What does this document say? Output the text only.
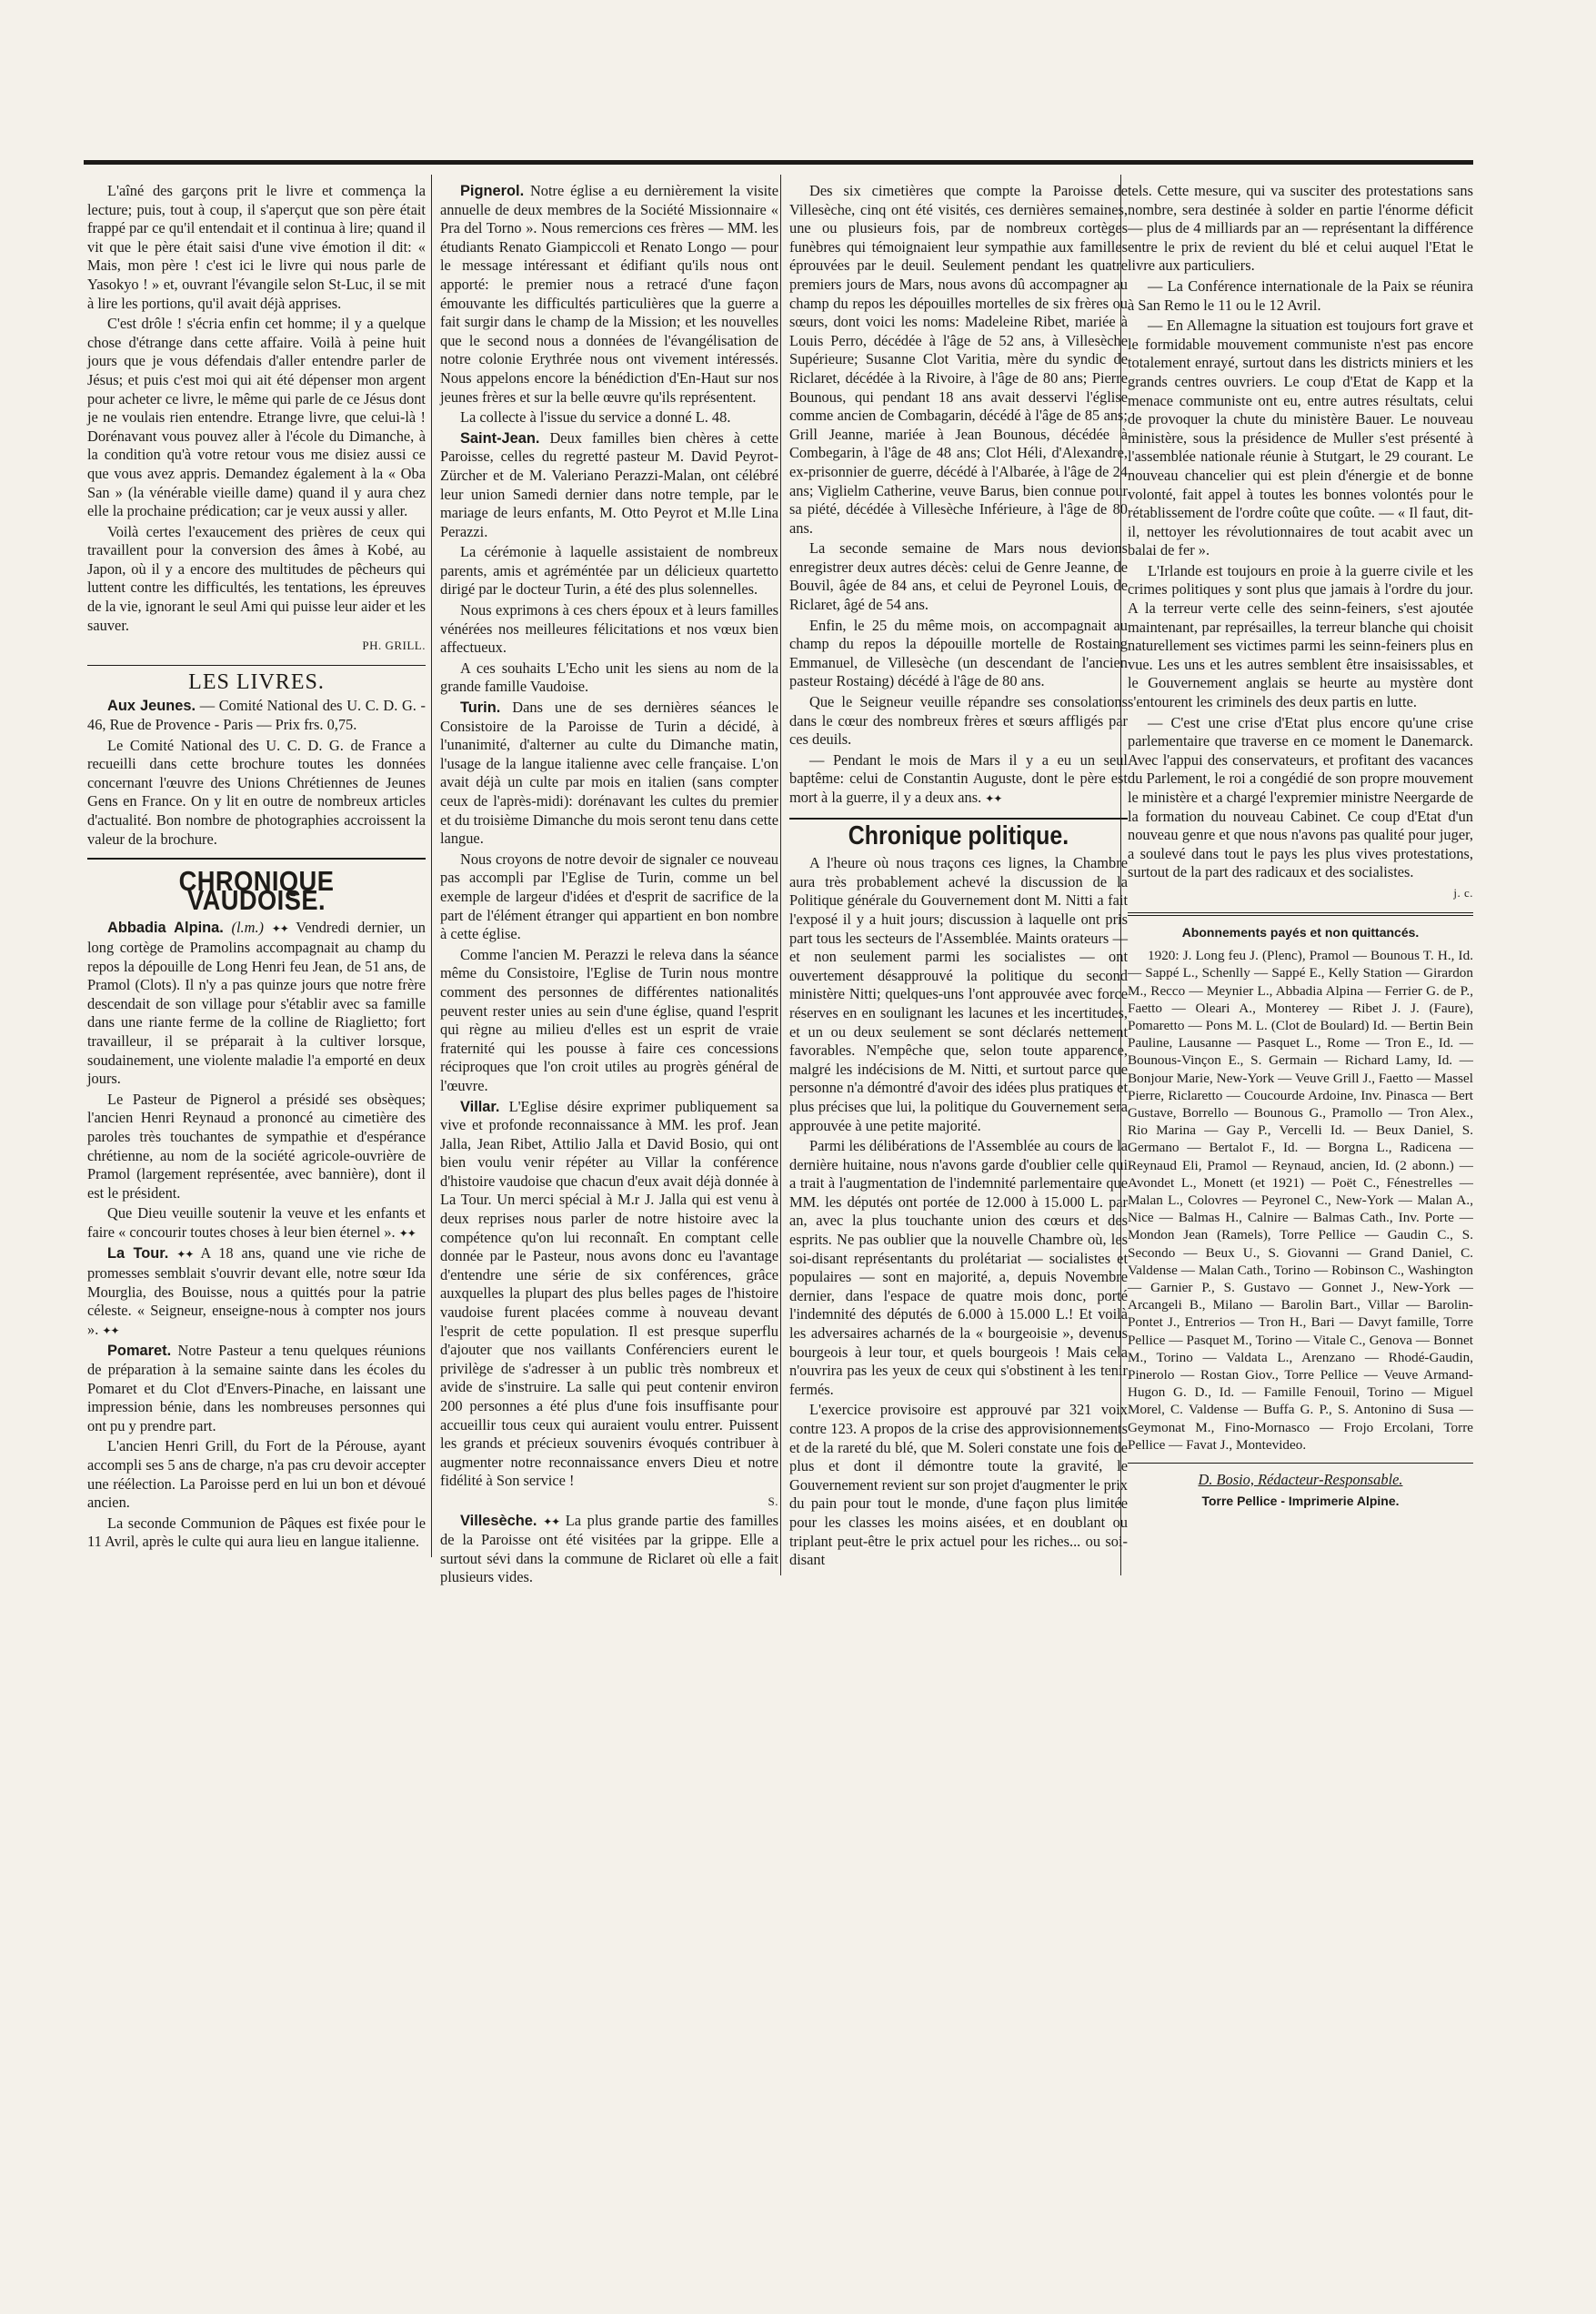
L'aîné des garçons prit le livre et commença la lecture; puis, tout à coup, il s'aperçut que son père était frappé par ce qu'il entendait et il continua à lire; quand il vit que le père était saisi d'une vive émotion il dit: « Mais, mon père ! c'est ici le livre qui nous parle de Yasokyo ! » et, ouvrant l'évangile selon St-Luc, il se mit à lire les portions, qu'il avait déjà apprises.

C'est drôle ! s'écria enfin cet homme; il y a quelque chose d'étrange dans cette affaire. Voilà à peine huit jours que je vous défendais d'aller entendre parler de Jésus; et puis c'est moi qui ait été dépenser mon argent pour acheter ce livre, le même qui parle de ce Jésus dont je ne voulais rien entendre. Etrange livre, que celui-là ! Dorénavant vous pouvez aller à l'école du Dimanche, à la condition qu'à votre retour vous me disiez aussi ce que vous avez appris. Demandez également à la « Oba San » (la vénérable vieille dame) quand il y aura chez elle la prochaine prédication; car je veux aussi y aller.

Voilà certes l'exaucement des prières de ceux qui travaillent pour la conversion des âmes à Kobé, au Japon, où il y a encore des multitudes de pêcheurs qui luttent contre les difficultés, les tentations, les épreuves de la vie, ignorant le seul Ami qui puisse leur aider et les sauver.

PH. GRILL.
LES LIVRES.

Aux Jeunes. — Comité National des U. C. D. G. - 46, Rue de Provence - Paris — Prix frs. 0,75.

Le Comité National des U. C. D. G. de France a recueilli dans cette brochure toutes les données concernant l'œuvre des Unions Chrétiennes de Jeunes Gens en France. On y lit en outre de nombreux articles d'actualité. Bon nombre de photographies accroissent la valeur de la brochure.

CHRONIQUE VAUDOISE.

Abbadia Alpina. (l.m.) ✦✦ Vendredi dernier, un long cortège de Pramolins accompagnait au champ du repos la dépouille de Long Henri feu Jean, de 51 ans, de Pramol (Clots). Il n'y a pas quinze jours que notre frère descendait de son village pour s'établir avec sa famille dans une riante ferme de la colline de Riaglietto; fort travailleur, il se préparait à la cultiver lorsque, soudainement, une violente maladie l'a emporté en deux jours.

Le Pasteur de Pignerol a présidé ses obsèques; l'ancien Henri Reynaud a prononcé au cimetière des paroles très touchantes de sympathie et d'espérance chrétienne, au nom de la société agricole-ouvrière de Pramol (largement représentée, avec bannière), dont il est le président.

Que Dieu veuille soutenir la veuve et les enfants et faire « concourir toutes choses à leur bien éternel ». ✦✦

La Tour. ✦✦ A 18 ans, quand une vie riche de promesses semblait s'ouvrir devant elle, notre sœur Ida Mourglia, des Bouisse, nous a quittés pour la patrie céleste. « Seigneur, enseigne-nous à compter nos jours ». ✦✦

Pomaret. Notre Pasteur a tenu quelques réunions de préparation à la semaine sainte dans les écoles du Pomaret et du Clot d'Envers-Pinache, en laissant une impression bénie, dans les nombreuses personnes qui ont pu y prendre part.

L'ancien Henri Grill, du Fort de la Pérouse, ayant accompli ses 5 ans de charge, n'a pas cru devoir accepter une réélection. La Paroisse perd en lui un bon et dévoué ancien.

La seconde Communion de Pâques est fixée pour le 11 Avril, après le culte qui aura lieu en langue italienne.

Pignerol. Notre église a eu dernièrement la visite annuelle de deux membres de la Société Missionnaire « Pra del Torno ». Nous remercions ces frères — MM. les étudiants Renato Giampiccoli et Renato Longo — pour le message intéressant et édifiant qu'ils nous ont apporté: le premier nous a retracé d'une façon émouvante les difficultés particulières que la guerre a fait surgir dans le champ de la Mission; et les nouvelles que le second nous a données de l'évangélisation de notre colonie Erythrée nous ont vivement intéressés. Nous appelons encore la bénédiction d'En-Haut sur nos jeunes frères et sur la belle œuvre qu'ils représentent.

La collecte à l'issue du service a donné L. 48.

Saint-Jean. Deux familles bien chères à cette Paroisse, celles du regretté pasteur M. David Peyrot-Zürcher et de M. Valeriano Perazzi-Malan, ont célébré leur union Samedi dernier dans notre temple, par le mariage de leurs enfants, M. Otto Peyrot et M.lle Lina Perazzi.

La cérémonie à laquelle assistaient de nombreux parents, amis et agréméntée par un délicieux quartetto dirigé par le docteur Turin, a été des plus solennelles.

Nous exprimons à ces chers époux et à leurs familles vénérées nos meilleures félicitations et nos vœux bien affectueux.

A ces souhaits L'Echo unit les siens au nom de la grande famille Vaudoise.

Turin. Dans une de ses dernières séances le Consistoire de la Paroisse de Turin a décidé, à l'unanimité, d'alterner au culte du Dimanche matin, l'usage de la langue italienne avec celle française. L'on avait déjà un culte par mois en italien (sans compter ceux de l'après-midi): dorénavant les cultes du premier et du troisième Dimanche du mois seront tenu dans cette langue.

Nous croyons de notre devoir de signaler ce nouveau pas accompli par l'Eglise de Turin, comme un bel exemple de largeur d'idées et d'esprit de sacrifice de la part de l'élément étranger qui appartient en bon nombre à cette église.

Comme l'ancien M. Perazzi le releva dans la séance même du Consistoire, l'Eglise de Turin nous montre comment des personnes de différentes nationalités peuvent rester unies au sein d'une église, quand l'esprit qui règne au milieu d'elles est un esprit de vraie fraternité qui les pousse à faire ces concessions réciproques que l'on croit utiles au progrès général de l'œuvre.

Villar. L'Eglise désire exprimer publiquement sa vive et profonde reconnaissance à MM. les prof. Jean Jalla, Jean Ribet, Attilio Jalla et David Bosio, qui ont bien voulu venir répéter au Villar la conférence d'histoire vaudoise que chacun d'eux avait déjà donnée à La Tour. Un merci spécial à M.r J. Jalla qui est venu à deux reprises nous parler de notre histoire avec la compétence qu'on lui reconnaît. En comptant celle donnée par le Pasteur, nous avons donc eu l'avantage d'entendre une série de six conférences, grâce auxquelles la plupart des plus belles pages de l'histoire vaudoise furent placées comme à nouveau devant l'esprit de cette population. Il est presque superflu d'ajouter que nos vaillants Conférenciers eurent le privilège de s'adresser à un public très nombreux et avide de s'instruire. La salle qui peut contenir environ 200 personnes a été plus d'une fois insuffisante pour accueillir tous ceux qui auraient voulu entrer. Puissent les grands et précieux souvenirs évoqués contribuer à augmenter notre reconnaissance envers Dieu et notre fidélité à Son service !

S.

Villesèche. ✦✦ La plus grande partie des familles de la Paroisse ont été visitées par la grippe. Elle a surtout sévi dans la commune de Riclaret où elle a fait plusieurs vides.

Des six cimetières que compte la Paroisse de Villesèche, cinq ont été visités, ces dernières semaines, une ou plusieurs fois, par de nombreux cortèges funèbres qui témoignaient leur sympathie aux familles éprouvées par le deuil. Seulement pendant les quatre premiers jours de Mars, nous avons dû accompagner au champ du repos les dépouilles mortelles de six frères ou sœurs, dont voici les noms: Madeleine Ribet, mariée à Louis Perro, décédée à l'âge de 52 ans, à Villesèche Supérieure; Susanne Clot Varitia, mère du syndic de Riclaret, décédée à la Rivoire, à l'âge de 80 ans; Pierre Bounous, qui pendant 18 ans avait desservi l'église comme ancien de Combagarin, décédé à l'âge de 85 ans; Grill Jeanne, mariée à Jean Bounous, décédée à Combegarin, à l'âge de 48 ans; Clot Héli, d'Alexandre, ex-prisonnier de guerre, décédé à l'Albarée, à l'âge de 24 ans; Viglielm Catherine, veuve Barus, bien connue pour sa piété, décédée à Villesèche Inférieure, à l'âge de 80 ans.

La seconde semaine de Mars nous devions enregistrer deux autres décès: celui de Genre Jeanne, de Bouvil, âgée de 84 ans, et celui de Peyronel Louis, de Riclaret, âgé de 54 ans.

Enfin, le 25 du même mois, on accompagnait au champ du repos la dépouille mortelle de Rostaing Emmanuel, de Villesèche (un descendant de l'ancien pasteur Rostaing) décédé à l'âge de 80 ans.

Que le Seigneur veuille répandre ses consolations dans le cœur des nombreux frères et sœurs affligés par ces deuils.

— Pendant le mois de Mars il y a eu un seul baptême: celui de Constantin Auguste, dont le père est mort à la guerre, il y a deux ans. ✦✦

Chronique politique.

A l'heure où nous traçons ces lignes, la Chambre aura très probablement achevé la discussion de la Politique générale du Gouvernement dont M. Nitti a fait l'exposé il y a huit jours; discussion à laquelle ont pris part tous les secteurs de l'Assemblée. Maints orateurs — et non seulement parmi les socialistes — ont ouvertement désapprouvé la politique du second ministère Nitti; quelques-uns l'ont approuvée avec force réserves en en soulignant les lacunes et les incertitudes, et un ou deux seulement se sont déclarés nettement favorables. N'empêche que, selon toute apparence, malgré les indécisions de M. Nitti, et surtout parce que personne n'a démontré d'avoir des idées plus pratiques et plus précises que lui, la politique du Gouvernement sera approuvée à une petite majorité.

Parmi les délibérations de l'Assemblée au cours de la dernière huitaine, nous n'avons garde d'oublier celle qui a trait à l'augmentation de l'indemnité parlementaire que MM. les députés ont portée de 12.000 à 15.000 L. par an, avec la plus touchante union des cœurs et des esprits. Ne pas oublier que la nouvelle Chambre où, les soi-disant représentants du prolétariat — socialistes et populaires — sont en majorité, a, depuis Novembre dernier, dans l'espace de quatre mois donc, porté l'indemnité des députés de 6.000 à 15.000 L.! Et voilà les adversaires acharnés de la « bourgeoisie », devenus bourgeois à leur tour, et quels bourgeois ! Mais cela n'ouvrira pas les yeux de ceux qui s'obstinent à les tenir fermés.

L'exercice provisoire est approuvé par 321 voix contre 123. A propos de la crise des approvisionnements et de la rareté du blé, que M. Soleri constate une fois de plus et dont il démontre toute la gravité, le Gouvernement revient sur son projet d'augmenter le prix du pain pour tout le monde, d'une façon plus limitée pour les classes les moins aisées, et en doublant ou triplant peut-être le prix actuel pour les riches... ou soi-disant

tels. Cette mesure, qui va susciter des protestations sans nombre, sera destinée à solder en partie l'énorme déficit — plus de 4 milliards par an — représentant la différence entre le prix de revient du blé et celui auquel l'Etat le livre aux particuliers.

— La Conférence internationale de la Paix se réunira à San Remo le 11 ou le 12 Avril.

— En Allemagne la situation est toujours fort grave et le formidable mouvement communiste n'est pas encore totalement enrayé, surtout dans les districts miniers et les grands centres ouvriers. Le coup d'Etat de Kapp et la menace communiste ont eu, entre autres résultats, celui de provoquer la chute du ministère Bauer. Le nouveau ministère, sous la présidence de Muller s'est présenté à l'assemblée nationale réunie à Stutgart, le 29 courant. Le nouveau chancelier qui est plein d'énergie et de bonne volonté, fait appel à toutes les bonnes volontés pour le rétablissement de l'ordre coûte que coûte. — « Il faut, dit-il, nettoyer les révolutionnaires de tout acabit avec un balai de fer ».

L'Irlande est toujours en proie à la guerre civile et les crimes politiques y sont plus que jamais à l'ordre du jour. A la terreur verte celle des seinn-feiners, s'est ajoutée maintenant, par représailles, la terreur blanche qui choisit naturellement ses victimes parmi les seinn-feiners plus en vue. Les uns et les autres semblent être insaisissables, et le Gouvernement anglais se heurte au mystère dont s'entourent les criminels des deux partis en lutte.

— C'est une crise d'Etat plus encore qu'une crise parlementaire que traverse en ce moment le Danemarck. Avec l'appui des conservateurs, et profitant des vacances du Parlement, le roi a congédié de son propre mouvement le ministère et a chargé l'expremier ministre Neergarde de la formation du nouveau Cabinet. Ce coup d'Etat d'un nouveau genre et que nous n'avons pas qualité pour juger, a soulevé dans tout le pays les plus vives protestations, surtout de la part des radicaux et des socialistes.

j. c.
Abonnements payés et non quittancés.

1920: J. Long feu J. (Plenc), Pramol — Bounous T. H., Id. — Sappé L., Schenlly — Sappé E., Kelly Station — Girardon M., Recco — Meynier L., Abbadia Alpina — Ferrier G. de P., Faetto — Oleari A., Monterey — Ribet J. J. (Faure), Pomaretto — Pons M. L. (Clot de Boulard) Id. — Bertin Bein Pauline, Lausanne — Pasquet L., Rome — Tron E., Id. — Bounous-Vinçon E., S. Germain — Richard Lamy, Id. — Bonjour Marie, New-York — Veuve Grill J., Faetto — Massel Pierre, Riclaretto — Coucourde Ardoine, Inv. Pinasca — Bert Gustave, Borrello — Bounous G., Pramollo — Tron Alex., Rio Marina — Gay P., Vercelli Id. — Beux Daniel, S. Germano — Bertalot F., Id. — Borgna L., Radicena — Reynaud Eli, Pramol — Reynaud, ancien, Id. (2 abonn.) — Avondet L., Monett (et 1921) — Poët C., Fénestrelles — Malan L., Colovres — Peyronel C., New-York — Malan A., Nice — Balmas H., Calnire — Balmas Cath., Inv. Porte — Mondon Jean (Ramels), Torre Pellice — Gaudin C., S. Secondo — Beux U., S. Giovanni — Grand Daniel, C. Valdense — Malan Cath., Torino — Robinson C., Washington — Garnier P., S. Gustavo — Gonnet J., New-York — Arcangeli B., Milano — Barolin Bart., Villar — Barolin-Pontet J., Entrerios — Tron H., Bari — Davyt famille, Torre Pellice — Pasquet M., Torino — Vitale C., Genova — Bonnet M., Torino — Valdata L., Arenzano — Rhodé-Gaudin, Pinerolo — Rostan Giov., Torre Pellice — Veuve Armand-Hugon G. D., Id. — Famille Fenouil, Torino — Miguel Morel, C. Valdense — Buffa G. P., S. Antonino di Susa — Geymonat M., Fino-Mornasco — Frojo Ercolani, Torre Pellice — Favat J., Montevideo.

D. Bosio, Rédacteur-Responsable.
Torre Pellice - Imprimerie Alpine.
